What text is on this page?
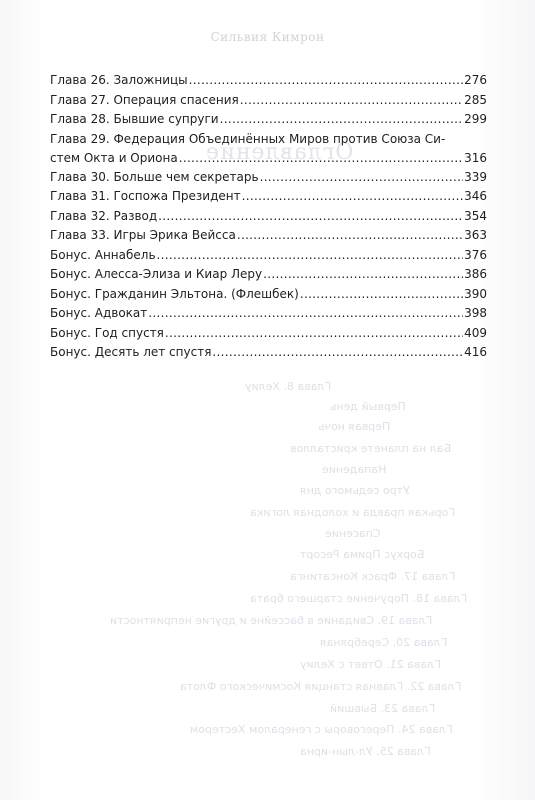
Оглавление
Глава 8. Хелиу
Первый день
Первая ночь
Бал на планете кристаллов
Нападение
Утро седьмого дня
Горькая правда и холодная логика
Спасение
Борхус Прима Ресорт
Глава 17. Фраск Консатинга
Глава 18. Поручение старшего брата
Глава 19. Свидание в бассейне и другие неприятности
Глава 20. Серебряная
Глава 21. Ответ с Хелиу
Глава 22. Главная станция Космического Флота
Глава 23. Бывший
Глава 24. Переговоры с генералом Хестером
Глава 25. Ул-лын-ирна
Сильвия Кимрон
Глава 26. Заложницы .....	276
Глава 27. Операция спасения .....	285
Глава 28. Бывшие супруги .....	299
Глава 29. Федерация Объединённых Миров против Союза Си-
стем Окта и Ориона .....	316
Глава 30. Больше чем секретарь .....	339
Глава 31. Госпожа Президент .....	346
Глава 32. Развод .....	354
Глава 33. Игры Эрика Вейсса .....	363
Бонус. Аннабель .....	376
Бонус. Алесса-Элиза и Киар Леру .....	386
Бонус. Гражданин Эльтона. (Флешбек) .....	390
Бонус. Адвокат .....	398
Бонус. Год спустя .....	409
Бонус. Десять лет спустя .....	416
